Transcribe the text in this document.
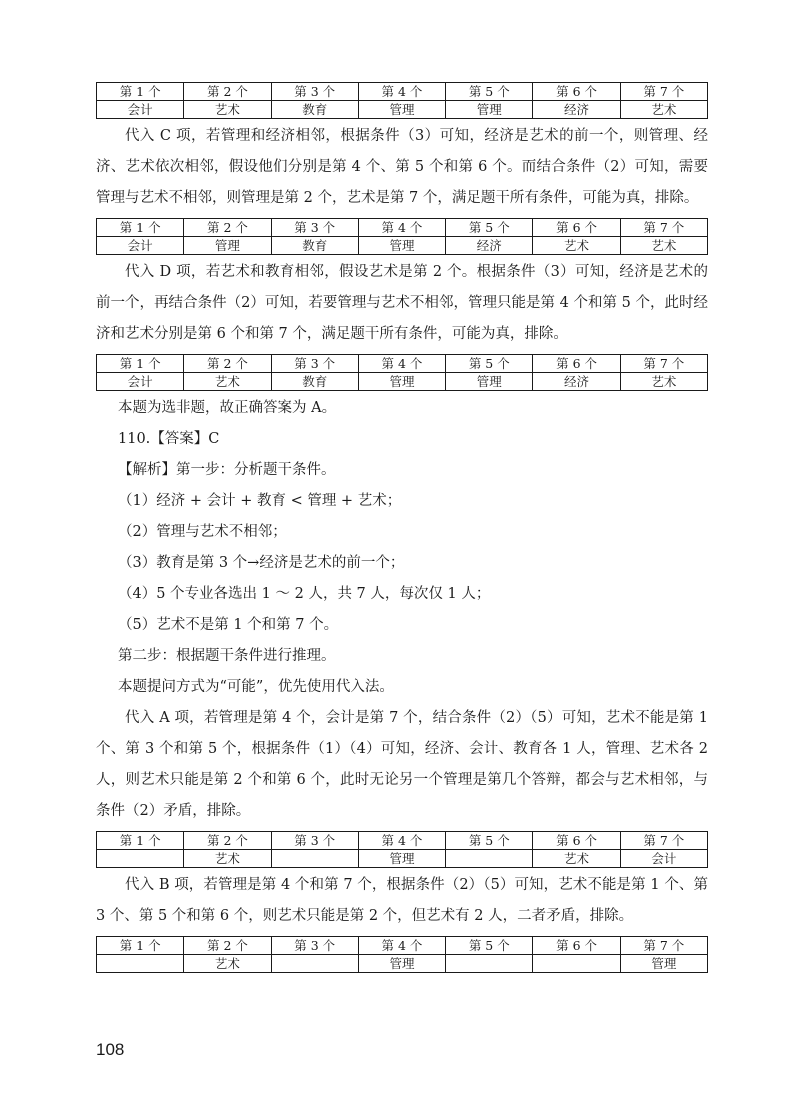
第 1 个	第 2 个	第 3 个	第 4 个	第 5 个	第 6 个	第 7 个
会计	艺术	教育	管理	管理	经济	艺术

代入 C 项，若管理和经济相邻，根据条件（3）可知，经济是艺术的前一个，则管理、经济、艺术依次相邻，假设他们分别是第 4 个、第 5 个和第 6 个。而结合条件（2）可知，需要管理与艺术不相邻，则管理是第 2 个，艺术是第 7 个，满足题干所有条件，可能为真，排除。

第 1 个	第 2 个	第 3 个	第 4 个	第 5 个	第 6 个	第 7 个
会计	管理	教育	管理	经济	艺术	艺术

代入 D 项，若艺术和教育相邻，假设艺术是第 2 个。根据条件（3）可知，经济是艺术的前一个，再结合条件（2）可知，若要管理与艺术不相邻，管理只能是第 4 个和第 5 个，此时经济和艺术分别是第 6 个和第 7 个，满足题干所有条件，可能为真，排除。

第 1 个	第 2 个	第 3 个	第 4 个	第 5 个	第 6 个	第 7 个
会计	艺术	教育	管理	管理	经济	艺术

本题为选非题，故正确答案为 A。

110.【答案】C

【解析】第一步：分析题干条件。

（1）经济 + 会计 + 教育 < 管理 + 艺术；

（2）管理与艺术不相邻；

（3）教育是第 3 个→经济是艺术的前一个；

（4）5 个专业各选出 1 ～ 2 人，共 7 人，每次仅 1 人；

（5）艺术不是第 1 个和第 7 个。

第二步：根据题干条件进行推理。

本题提问方式为“可能”，优先使用代入法。

代入 A 项，若管理是第 4 个，会计是第 7 个，结合条件（2）（5）可知，艺术不能是第 1 个、第 3 个和第 5 个，根据条件（1）（4）可知，经济、会计、教育各 1 人，管理、艺术各 2 人，则艺术只能是第 2 个和第 6 个，此时无论另一个管理是第几个答辩，都会与艺术相邻，与条件（2）矛盾，排除。

第 1 个	第 2 个	第 3 个	第 4 个	第 5 个	第 6 个	第 7 个
	艺术		管理		艺术	会计

代入 B 项，若管理是第 4 个和第 7 个，根据条件（2）（5）可知，艺术不能是第 1 个、第 3 个、第 5 个和第 6 个，则艺术只能是第 2 个，但艺术有 2 人，二者矛盾，排除。

第 1 个	第 2 个	第 3 个	第 4 个	第 5 个	第 6 个	第 7 个
	艺术		管理			管理
108
